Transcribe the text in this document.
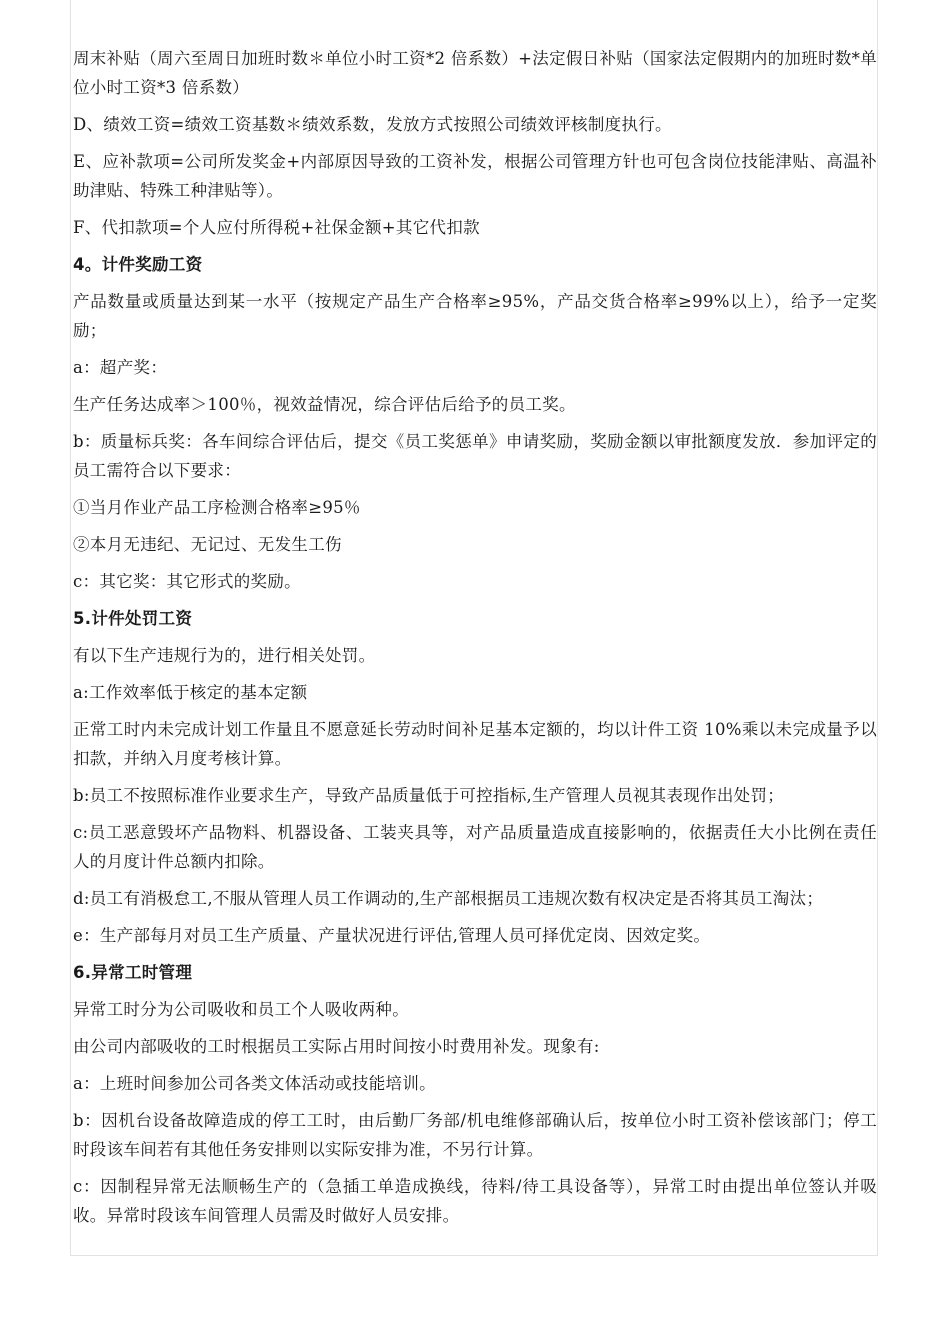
周末补贴（周六至周日加班时数＊单位小时工资*2 倍系数）+法定假日补贴（国家法定假期内的加班时数*单位小时工资*3 倍系数）

D、绩效工资=绩效工资基数＊绩效系数，发放方式按照公司绩效评核制度执行。

E、应补款项=公司所发奖金+内部原因导致的工资补发，根据公司管理方针也可包含岗位技能津贴、高温补助津贴、特殊工种津贴等）。

F、代扣款项=个人应付所得税+社保金额+其它代扣款

4。计件奖励工资

产品数量或质量达到某一水平（按规定产品生产合格率≥95%，产品交货合格率≥99%以上），给予一定奖励；

a：超产奖：

生产任务达成率＞100％，视效益情况，综合评估后给予的员工奖。

b：质量标兵奖：各车间综合评估后，提交《员工奖惩单》申请奖励，奖励金额以审批额度发放．参加评定的员工需符合以下要求：

①当月作业产品工序检测合格率≥95％

②本月无违纪、无记过、无发生工伤

c：其它奖：其它形式的奖励。

5.计件处罚工资

有以下生产违规行为的，进行相关处罚。

a:工作效率低于核定的基本定额

正常工时内未完成计划工作量且不愿意延长劳动时间补足基本定额的，均以计件工资 10%乘以未完成量予以扣款，并纳入月度考核计算。

b:员工不按照标准作业要求生产，导致产品质量低于可控指标,生产管理人员视其表现作出处罚；

c:员工恶意毁坏产品物料、机器设备、工装夹具等，对产品质量造成直接影响的，依据责任大小比例在责任人的月度计件总额内扣除。

d:员工有消极怠工,不服从管理人员工作调动的,生产部根据员工违规次数有权决定是否将其员工淘汰；

e：生产部每月对员工生产质量、产量状况进行评估,管理人员可择优定岗、因效定奖。

6.异常工时管理

异常工时分为公司吸收和员工个人吸收两种。

由公司内部吸收的工时根据员工实际占用时间按小时费用补发。现象有:

a：上班时间参加公司各类文体活动或技能培训。

b：因机台设备故障造成的停工工时，由后勤厂务部/机电维修部确认后，按单位小时工资补偿该部门；停工时段该车间若有其他任务安排则以实际安排为准，不另行计算。

c：因制程异常无法顺畅生产的（急插工单造成换线，待料/待工具设备等），异常工时由提出单位签认并吸收。异常时段该车间管理人员需及时做好人员安排。
